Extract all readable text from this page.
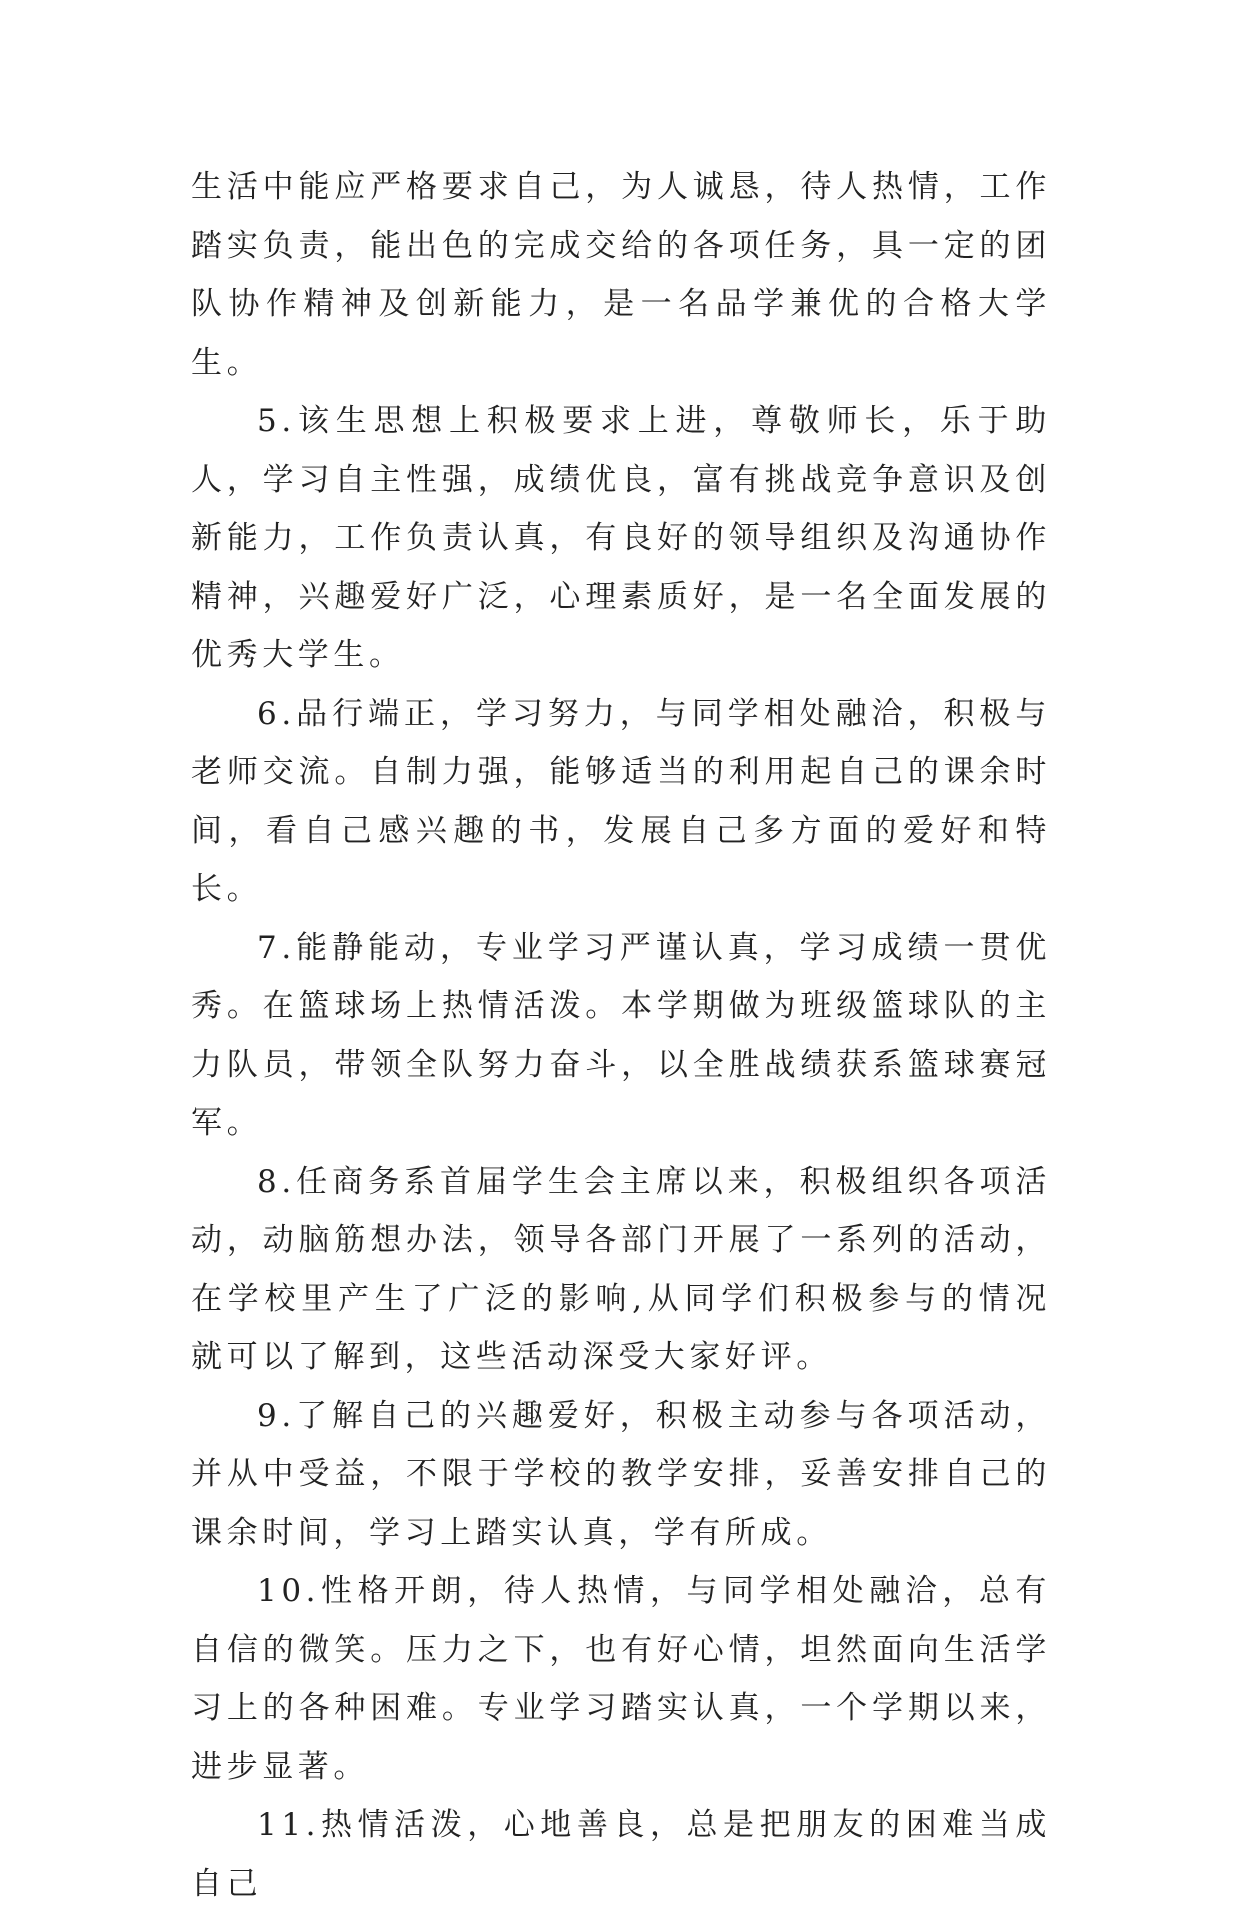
生活中能应严格要求自己，为人诚恳，待人热情，工作踏实负责，能出色的完成交给的各项任务，具一定的团队协作精神及创新能力，是一名品学兼优的合格大学生。

5.该生思想上积极要求上进，尊敬师长，乐于助人，学习自主性强，成绩优良，富有挑战竞争意识及创新能力，工作负责认真，有良好的领导组织及沟通协作精神，兴趣爱好广泛，心理素质好，是一名全面发展的优秀大学生。

6.品行端正，学习努力，与同学相处融洽，积极与老师交流。自制力强，能够适当的利用起自己的课余时间，看自己感兴趣的书，发展自己多方面的爱好和特长。

7.能静能动，专业学习严谨认真，学习成绩一贯优秀。在篮球场上热情活泼。本学期做为班级篮球队的主力队员，带领全队努力奋斗，以全胜战绩获系篮球赛冠军。

8.任商务系首届学生会主席以来，积极组织各项活动，动脑筋想办法，领导各部门开展了一系列的活动，在学校里产生了广泛的影响,从同学们积极参与的情况就可以了解到，这些活动深受大家好评。

9.了解自己的兴趣爱好，积极主动参与各项活动，并从中受益，不限于学校的教学安排，妥善安排自己的课余时间，学习上踏实认真，学有所成。

10.性格开朗，待人热情，与同学相处融洽，总有自信的微笑。压力之下，也有好心情，坦然面向生活学习上的各种困难。专业学习踏实认真，一个学期以来，进步显著。

11.热情活泼，心地善良，总是把朋友的困难当成自己
